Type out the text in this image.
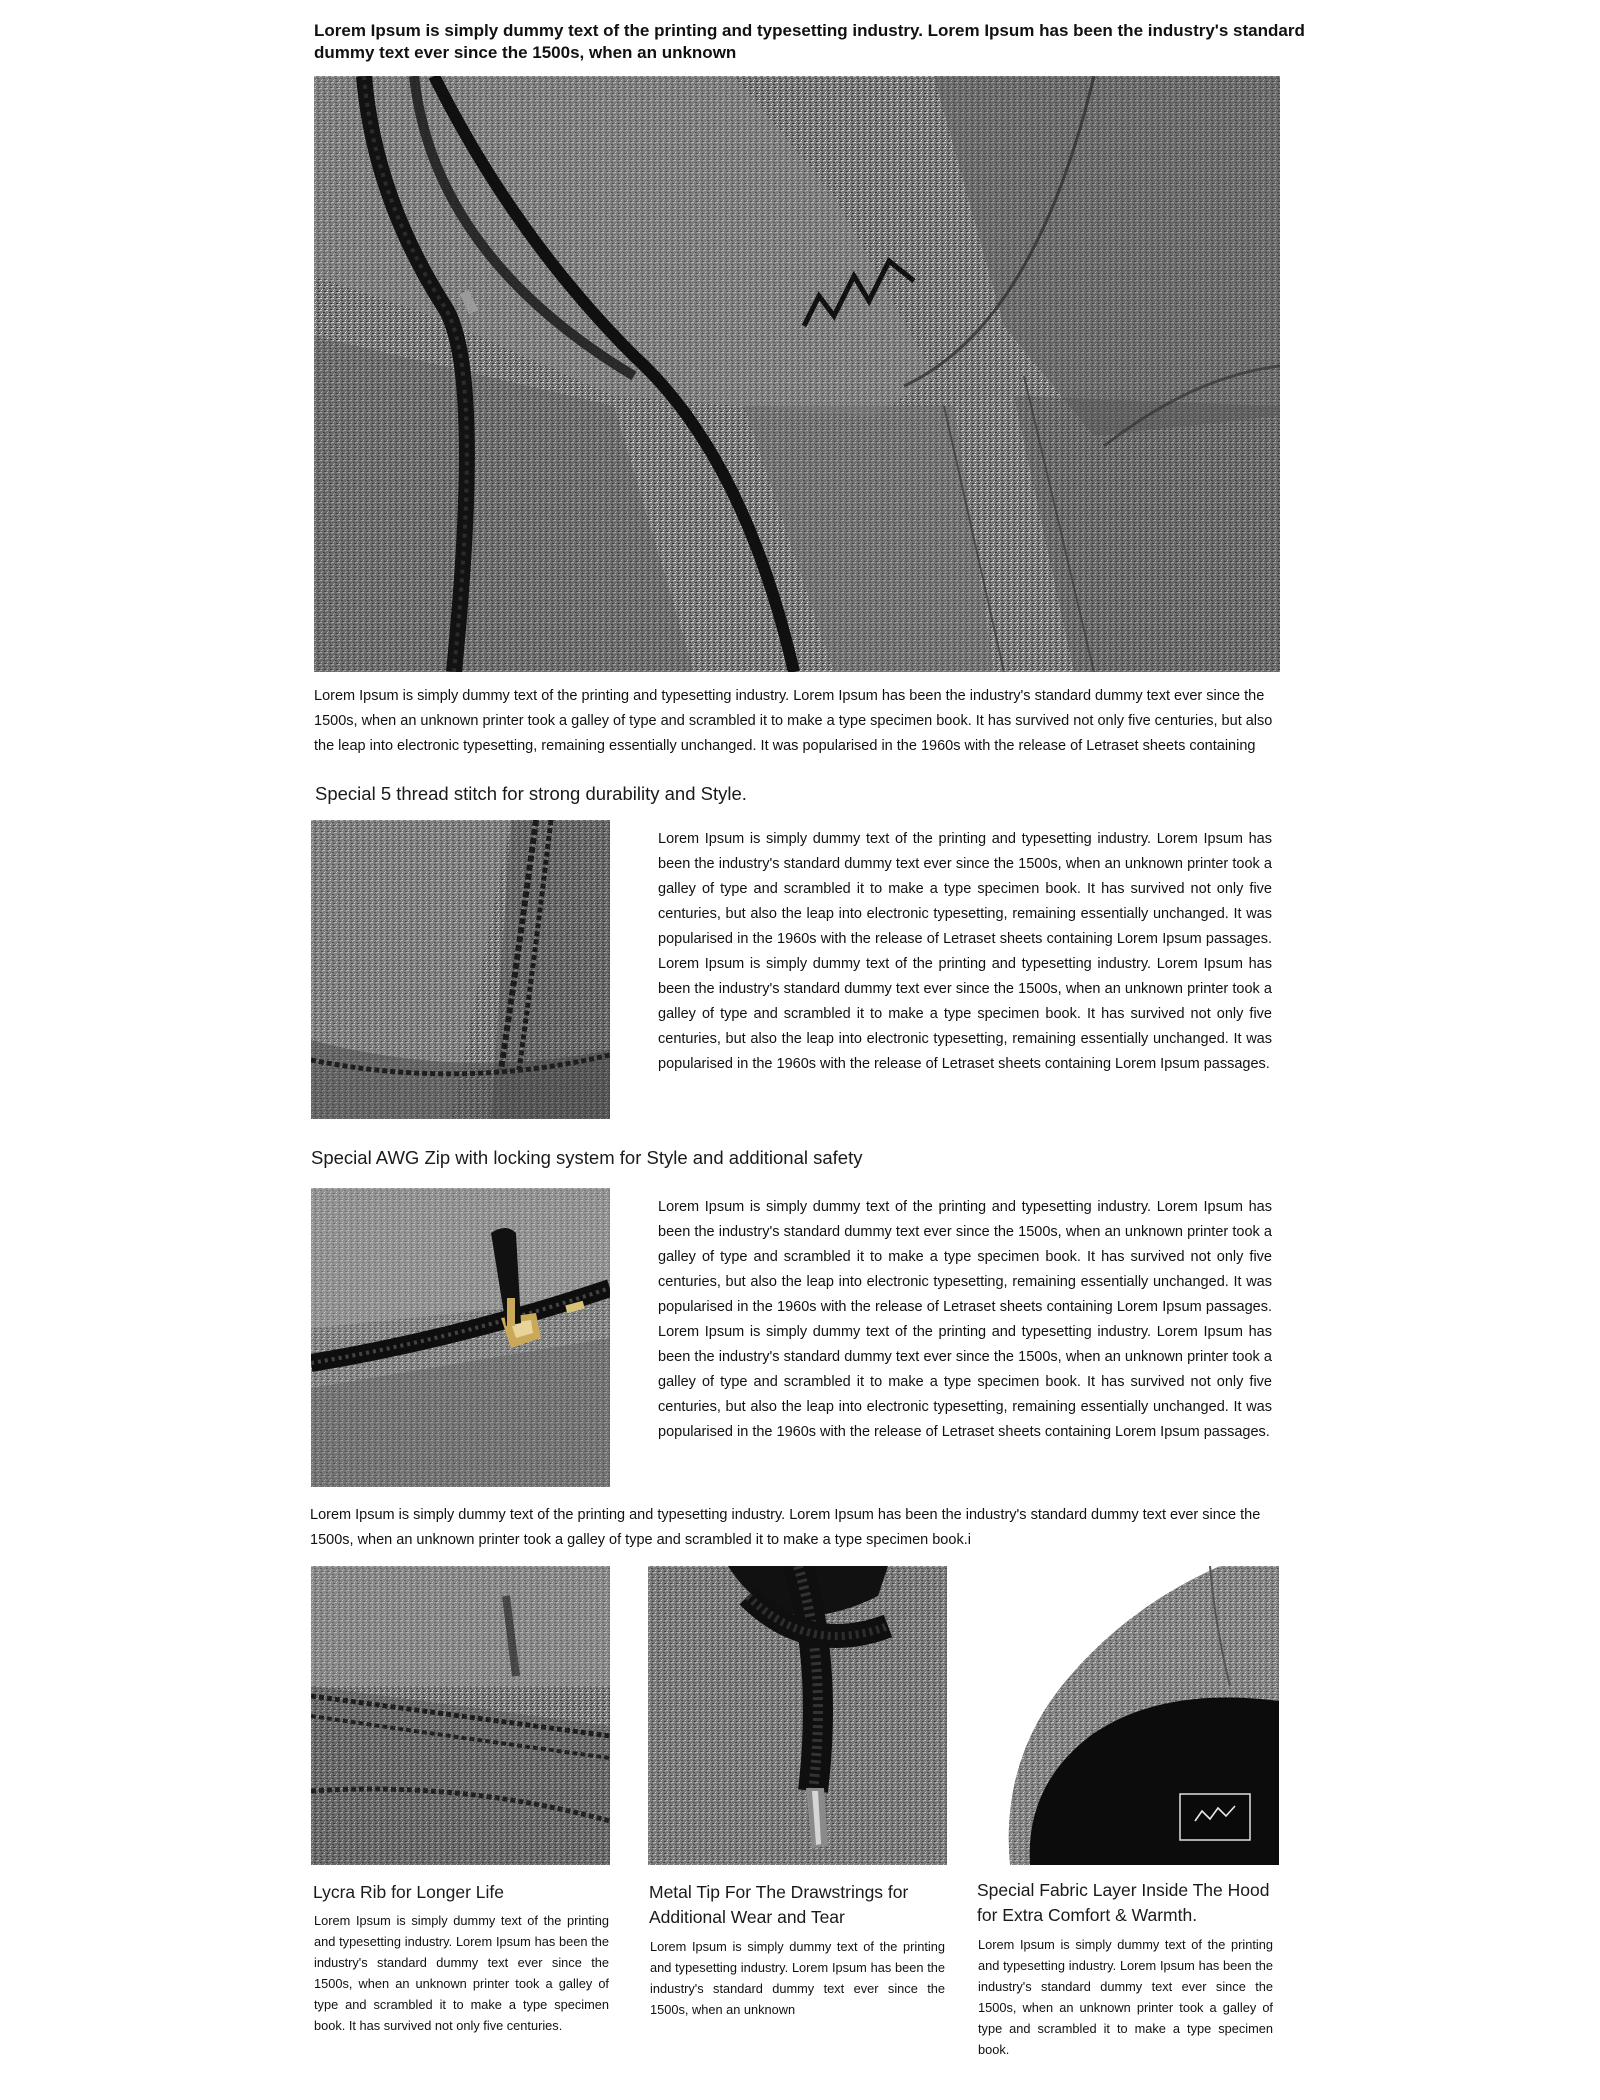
Lorem Ipsum is simply dummy text of the printing and typesetting industry. Lorem Ipsum has been the industry's standard dummy text ever since the 1500s, when an unknown
Lorem Ipsum is simply dummy text of the printing and typesetting industry. Lorem Ipsum has been the industry's standard dummy text ever since the 1500s, when an unknown printer took a galley of type and scrambled it to make a type specimen book. It has survived not only five centuries, but also the leap into electronic typesetting, remaining essentially unchanged. It was popularised in the 1960s with the release of Letraset sheets containing
Special 5 thread stitch for strong durability and Style.
Lorem Ipsum is simply dummy text of the printing and typesetting industry. Lorem Ipsum has been the industry's standard dummy text ever since the 1500s, when an unknown printer took a galley of type and scrambled it to make a type specimen book. It has survived not only five centuries, but also the leap into electronic typesetting, remaining essentially unchanged. It was popularised in the 1960s with the release of Letraset sheets containing Lorem Ipsum passages. Lorem Ipsum is simply dummy text of the printing and typesetting industry. Lorem Ipsum has been the industry's standard dummy text ever since the 1500s, when an unknown printer took a galley of type and scrambled it to make a type specimen book. It has survived not only five centuries, but also the leap into electronic typesetting, remaining essentially unchanged. It was popularised in the 1960s with the release of Letraset sheets containing Lorem Ipsum passages.
Special AWG Zip with locking system for Style and additional safety
Lorem Ipsum is simply dummy text of the printing and typesetting industry. Lorem Ipsum has been the industry's standard dummy text ever since the 1500s, when an unknown printer took a galley of type and scrambled it to make a type specimen book. It has survived not only five centuries, but also the leap into electronic typesetting, remaining essentially unchanged. It was popularised in the 1960s with the release of Letraset sheets containing Lorem Ipsum passages. Lorem Ipsum is simply dummy text of the printing and typesetting industry. Lorem Ipsum has been the industry's standard dummy text ever since the 1500s, when an unknown printer took a galley of type and scrambled it to make a type specimen book. It has survived not only five centuries, but also the leap into electronic typesetting, remaining essentially unchanged. It was popularised in the 1960s with the release of Letraset sheets containing Lorem Ipsum passages.
Lorem Ipsum is simply dummy text of the printing and typesetting industry. Lorem Ipsum has been the industry's standard dummy text ever since the 1500s, when an unknown printer took a galley of type and scrambled it to make a type specimen book.i
Lycra Rib for Longer Life
Lorem Ipsum is simply dummy text of the printing and typesetting industry. Lorem Ipsum has been the industry's standard dummy text ever since the 1500s, when an unknown printer took a galley of type and scrambled it to make a type specimen book. It has survived not only five centuries.
Metal Tip For The Drawstrings for Additional Wear and Tear
Lorem Ipsum is simply dummy text of the printing and typesetting industry. Lorem Ipsum has been the industry's standard dummy text ever since the 1500s, when an unknown
Special Fabric Layer Inside The Hood for Extra Comfort & Warmth.
Lorem Ipsum is simply dummy text of the printing and typesetting industry. Lorem Ipsum has been the industry's standard dummy text ever since the 1500s, when an unknown printer took a galley of type and scrambled it to make a type specimen book.
